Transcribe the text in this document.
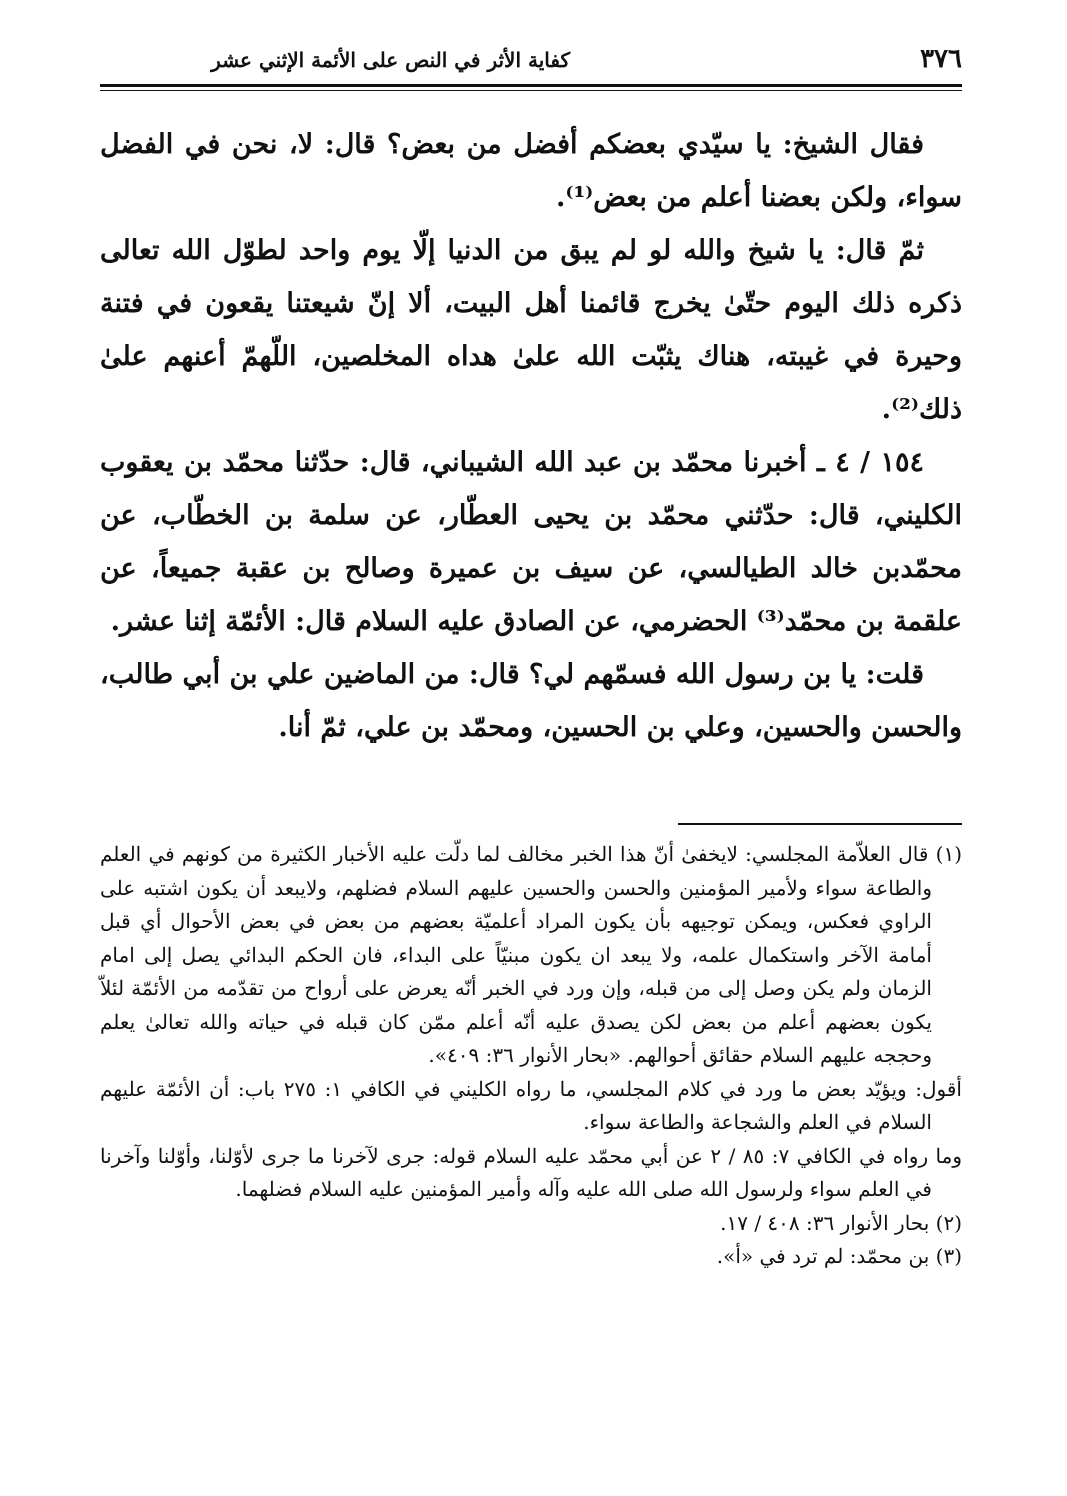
كفاية الأثر في النص على الأئمة الإثني عشر	٣٧٦

فقال الشيخ: يا سيّدي بعضكم أفضل من بعض؟ قال: لا، نحن في الفضل سواء، ولكن بعضنا أعلم من بعض⁽¹⁾.

ثمّ قال: يا شيخ والله لو لم يبق من الدنيا إلّا يوم واحد لطوّل الله تعالى ذكره ذلك اليوم حتّىٰ يخرج قائمنا أهل البيت، ألا إنّ شيعتنا يقعون في فتنة وحيرة في غيبته، هناك يثبّت الله علىٰ هداه المخلصين، اللّهمّ أعنهم علىٰ ذلك⁽²⁾.

١٥٤ / ٤ ـ أخبرنا محمّد بن عبد الله الشيباني، قال: حدّثنا محمّد بن يعقوب الكليني، قال: حدّثني محمّد بن يحيى العطّار، عن سلمة بن الخطّاب، عن محمّدبن خالد الطيالسي، عن سيف بن عميرة وصالح بن عقبة جميعاً، عن علقمة بن محمّد⁽³⁾ الحضرمي، عن الصادق عليه السلام قال: الأئمّة إثنا عشر.

قلت: يا بن رسول الله فسمّهم لي؟ قال: من الماضين علي بن أبي طالب، والحسن والحسين، وعلي بن الحسين، ومحمّد بن علي، ثمّ أنا.

(١) قال العلاّمة المجلسي: لايخفىٰ أنّ هذا الخبر مخالف لما دلّت عليه الأخبار الكثيرة من كونهم في العلم والطاعة سواء ولأمير المؤمنين والحسن والحسين عليهم السلام فضلهم، ولايبعد أن يكون اشتبه على الراوي فعكس، ويمكن توجيهه بأن يكون المراد أعلميّة بعضهم من بعض في بعض الأحوال أي قبل أمامة الآخر واستكمال علمه، ولا يبعد ان يكون مبنيّاً على البداء، فان الحكم البدائي يصل إلى امام الزمان ولم يكن وصل إلى من قبله، وإن ورد في الخبر أنّه يعرض على أرواح من تقدّمه من الأئمّة لئلاّ يكون بعضهم أعلم من بعض لكن يصدق عليه أنّه أعلم ممّن كان قبله في حياته والله تعالىٰ يعلم وحججه عليهم السلام حقائق أحوالهم. «بحار الأنوار ٣٦: ٤٠٩».

أقول: ويؤيّد بعض ما ورد في كلام المجلسي، ما رواه الكليني في الكافي ١: ٢٧٥ باب: أن الأئمّة عليهم السلام في العلم والشجاعة والطاعة سواء.

وما رواه في الكافي ٧: ٨٥ / ٢ عن أبي محمّد عليه السلام قوله: جرى لآخرنا ما جرى لأوّلنا، وأوّلنا وآخرنا في العلم سواء ولرسول الله صلى الله عليه وآله وأمير المؤمنين عليه السلام فضلهما.

(٢) بحار الأنوار ٣٦: ٤٠٨ / ١٧.

(٣) بن محمّد: لم ترد في «أ».
